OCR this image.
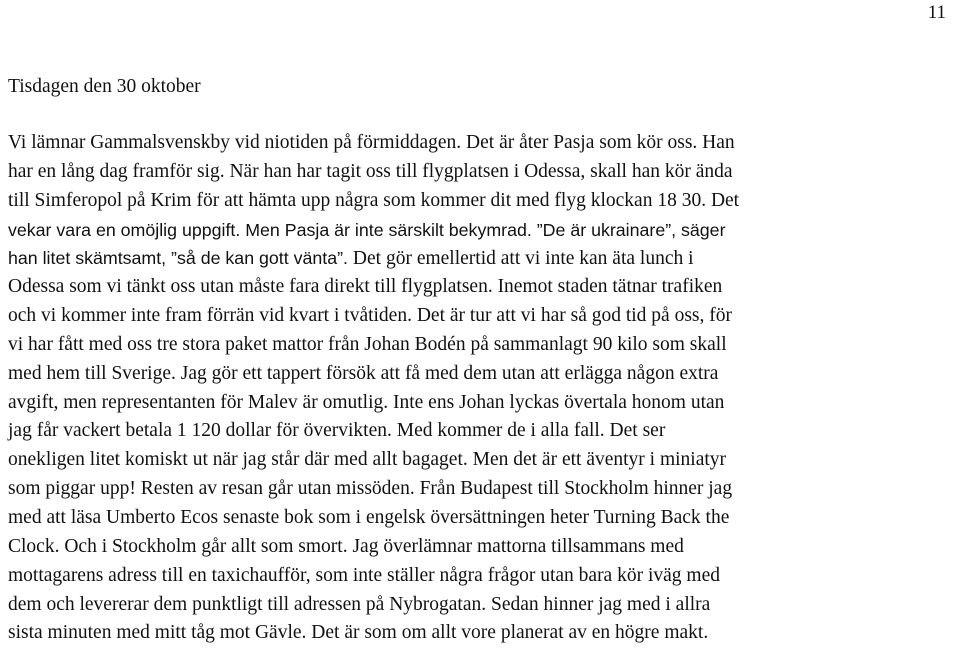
11
Tisdagen den 30 oktober
Vi lämnar Gammalsvenskby vid niotiden på förmiddagen. Det är åter Pasja som kör oss. Han
har en lång dag framför sig. När han har tagit oss till flygplatsen i Odessa, skall han kör ända
till Simferopol på Krim för att hämta upp några som kommer dit med flyg klockan 18 30. Det
vekar vara en omöjlig uppgift. Men Pasja är inte särskilt bekymrad. ”De är ukrainare”, säger
han litet skämtsamt, ”så de kan gott vänta”. Det gör emellertid att vi inte kan äta lunch i
Odessa som vi tänkt oss utan måste fara direkt till flygplatsen. Inemot staden tätnar trafiken
och vi kommer inte fram förrän vid kvart i tvåtiden. Det är tur att vi har så god tid på oss, för
vi har fått med oss tre stora paket mattor från Johan Bodén på sammanlagt 90 kilo som skall
med hem till Sverige. Jag gör ett tappert försök att få med dem utan att erlägga någon extra
avgift, men representanten för Malev är omutlig. Inte ens Johan lyckas övertala honom utan
jag får vackert betala 1 120 dollar för övervikten. Med kommer de i alla fall. Det ser
onekligen litet komiskt ut när jag står där med allt bagaget. Men det är ett äventyr i miniatyr
som piggar upp! Resten av resan går utan missöden. Från Budapest till Stockholm hinner jag
med att läsa Umberto Ecos senaste bok som i engelsk översättningen heter Turning Back the
Clock. Och i Stockholm går allt som smort. Jag överlämnar mattorna tillsammans med
mottagarens adress till en taxichaufför, som inte ställer några frågor utan bara kör iväg med
dem och levererar dem punktligt till adressen på Nybrogatan. Sedan hinner jag med i allra
sista minuten med mitt tåg mot Gävle. Det är som om allt vore planerat av en högre makt.
